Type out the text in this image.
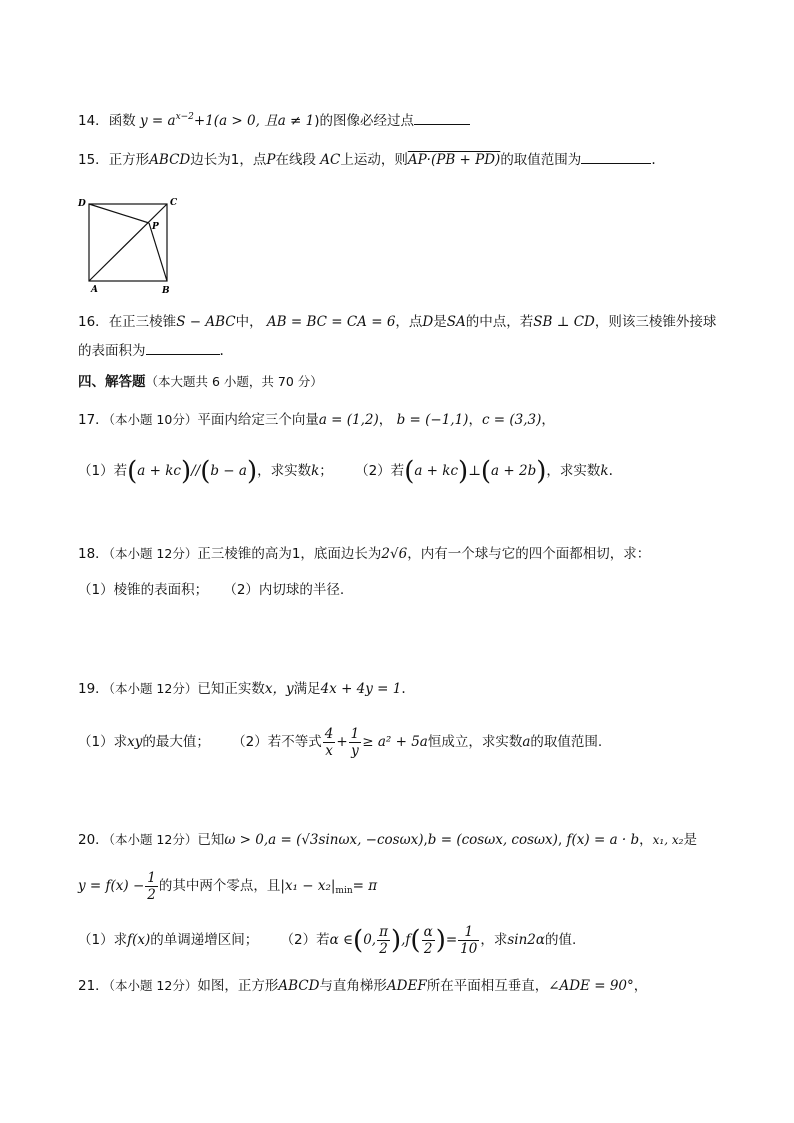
14．函数 $y = a^{x-2}+1(a > 0$, 且a ≠ 1)的图像必经过点
15．正方形ABCD边长为1，点P在线段 AC上运动，则AP·(PB + PD)的取值范围为	.
D	C
P
A	B
16．在正三棱锥S − ABC中， AB = BC = CA = 6，点D是SA的中点，若SB ⊥ CD，则该三棱锥外接球
的表面积为	.
四、解答题（本大题共 6 小题，共 70 分）
17．（本小题 10分）平面内给定三个向量a = (1,2)， b = (−1,1)，c = (3,3)，
（1）若(a + kc)//(b − a)，求实数k； （2）若(a + kc)⊥(a + 2b)，求实数k.
18．（本小题 12分）正三棱锥的高为1，底面边长为2√6，内有一个球与它的四个面都相切，求：
（1）棱锥的表面积； （2）内切球的半径.
19．（本小题 12分）已知正实数x，y满足4x + 4y = 1.
（1）求xy的最大值； （2）若不等式 $\frac{4}{x} + \frac{1}{y} \ge a^2 + 5a$恒成立，求实数a的取值范围.
20．（本小题 12分）已知ω > 0,a = (√3sinωx, −cosωx),b = (cosωx, cosωx), f(x) = a · b，x₁, x₂是
$y = f(x) - \frac{1}{2}$ 的其中两个零点，且$|x_1 - x_2|_{min}= \pi$
（1）求f(x)的单调递增区间； （2）若α ∈(0, $\frac{\pi}{2} ),f( \frac{\alpha}{2}$ )= $\frac{1}{10}$ ，求sin2α的值.
21．（本小题 12分）如图，正方形ABCD与直角梯形ADEF所在平面相互垂直，∠ADE = 90°，
